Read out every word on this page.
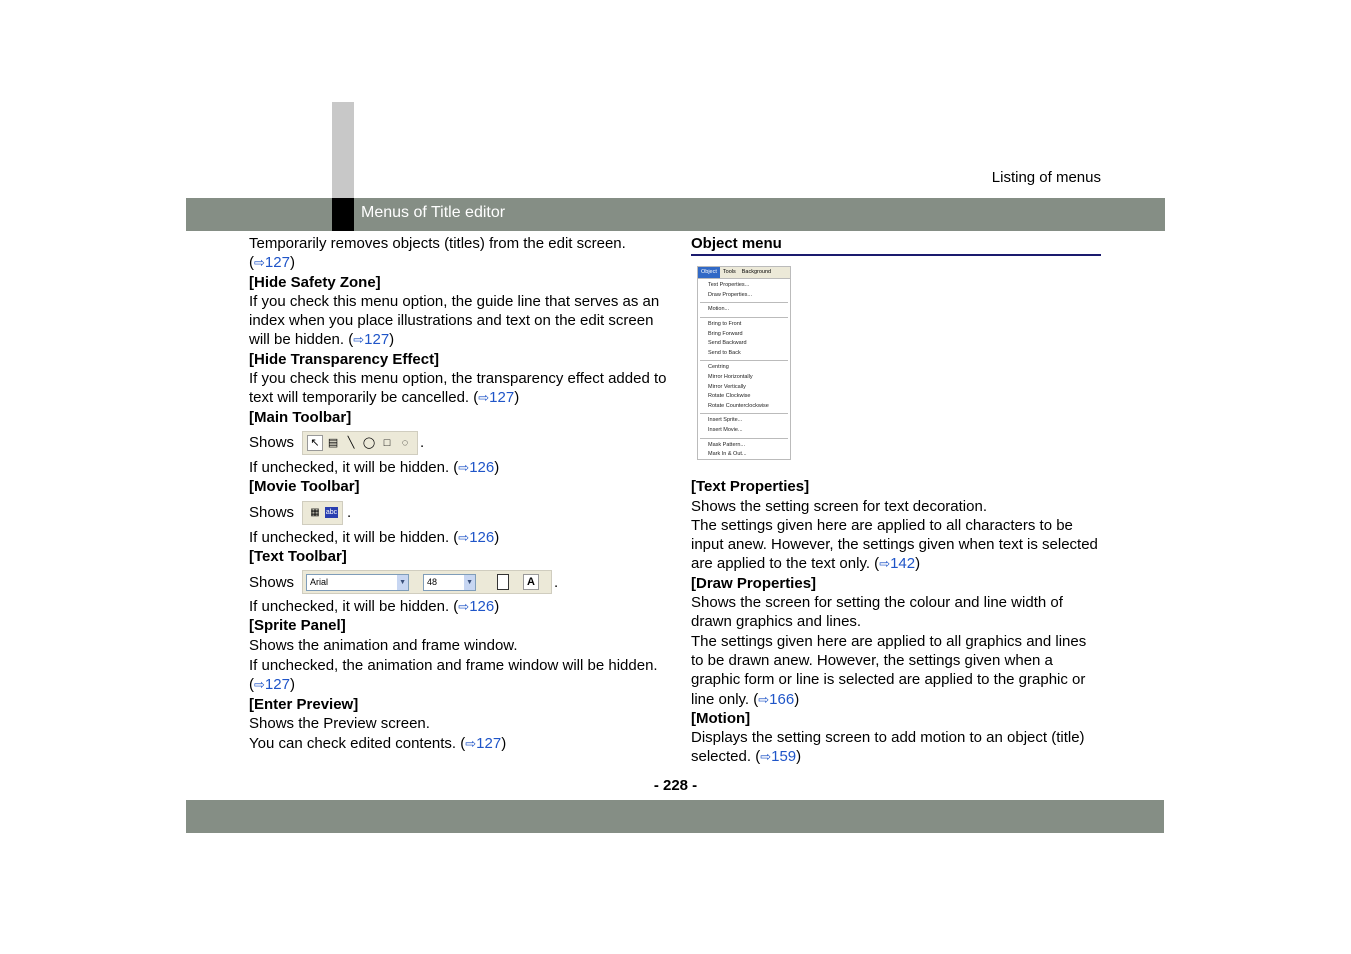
Listing of menus
Menus of Title editor

Temporarily removes objects (titles) from the edit screen. (⇨127)

[Hide Safety Zone]

If you check this menu option, the guide line that serves as an index when you place illustrations and text on the edit screen will be hidden. (⇨127)

[Hide Transparency Effect]

If you check this menu option, the transparency effect added to text will temporarily be cancelled. (⇨127)

[Main Toolbar]

Shows	↖ ▤ ╲ ◯ □	◌ .

If unchecked, it will be hidden. (⇨126)

[Movie Toolbar]

Shows	▦ abc .

If unchecked, it will be hidden. (⇨126)

[Text Toolbar]

Shows Arial	▼ 48	▼	A .

If unchecked, it will be hidden. (⇨126)

[Sprite Panel]

Shows the animation and frame window.

If unchecked, the animation and frame window will be hidden. (⇨127)

[Enter Preview]

Shows the Preview screen.

You can check edited contents. (⇨127)

Object menu

Object	Tools	Background
Text Properties...
Draw Properties...
Motion...
Bring to Front
Bring Forward
Send Backward
Send to Back
Centring
Mirror Horizontally
Mirror Vertically
Rotate Clockwise
Rotate Counterclockwise
Insert Sprite...
Insert Movie...
Mask Pattern...
Mark In & Out...

[Text Properties]

Shows the setting screen for text decoration.

The settings given here are applied to all characters to be input anew. However, the settings given when text is selected are applied to the text only. (⇨142)

[Draw Properties]

Shows the screen for setting the colour and line width of drawn graphics and lines.

The settings given here are applied to all graphics and lines to be drawn anew. However, the settings given when a graphic form or line is selected are applied to the graphic or line only. (⇨166)

[Motion]

Displays the setting screen to add motion to an object (title) selected. (⇨159)

- 228 -
